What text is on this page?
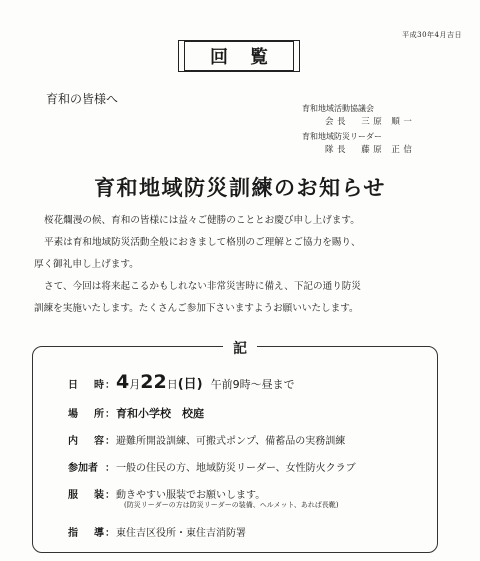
平成30年4月吉日
回覧
育和の皆様へ
育和地域活動協議会
会長 三原 順一
育和地域防災リーダー
隊長 藤原 正信
育和地域防災訓練のお知らせ
桜花爛漫の候、育和の皆様には益々ご健勝のこととお慶び申し上げます。
平素は育和地域防災活動全般におきまして格別のご理解とご協力を賜り、
厚く御礼申し上げます。
さて、今回は将来起こるかもしれない非常災害時に備え、下記の通り防災
訓練を実施いたします。たくさんご参加下さいますようお願いいたします。
記
日 時 ： 4 月 22 日 (日) 午前9時〜昼まで
場 所 ： 育和小学校　校庭
内 容 ： 避難所開設訓練、可搬式ポンプ、備蓄品の実務訓練
参加者 ： 一般の住民の方、地域防災リーダー、女性防火クラブ
服 装 ： 動きやすい服装でお願いします。
(防災リーダーの方は防災リーダーの装備、ヘルメット、あれば長靴)
指 導 ： 東住吉区役所・東住吉消防署
